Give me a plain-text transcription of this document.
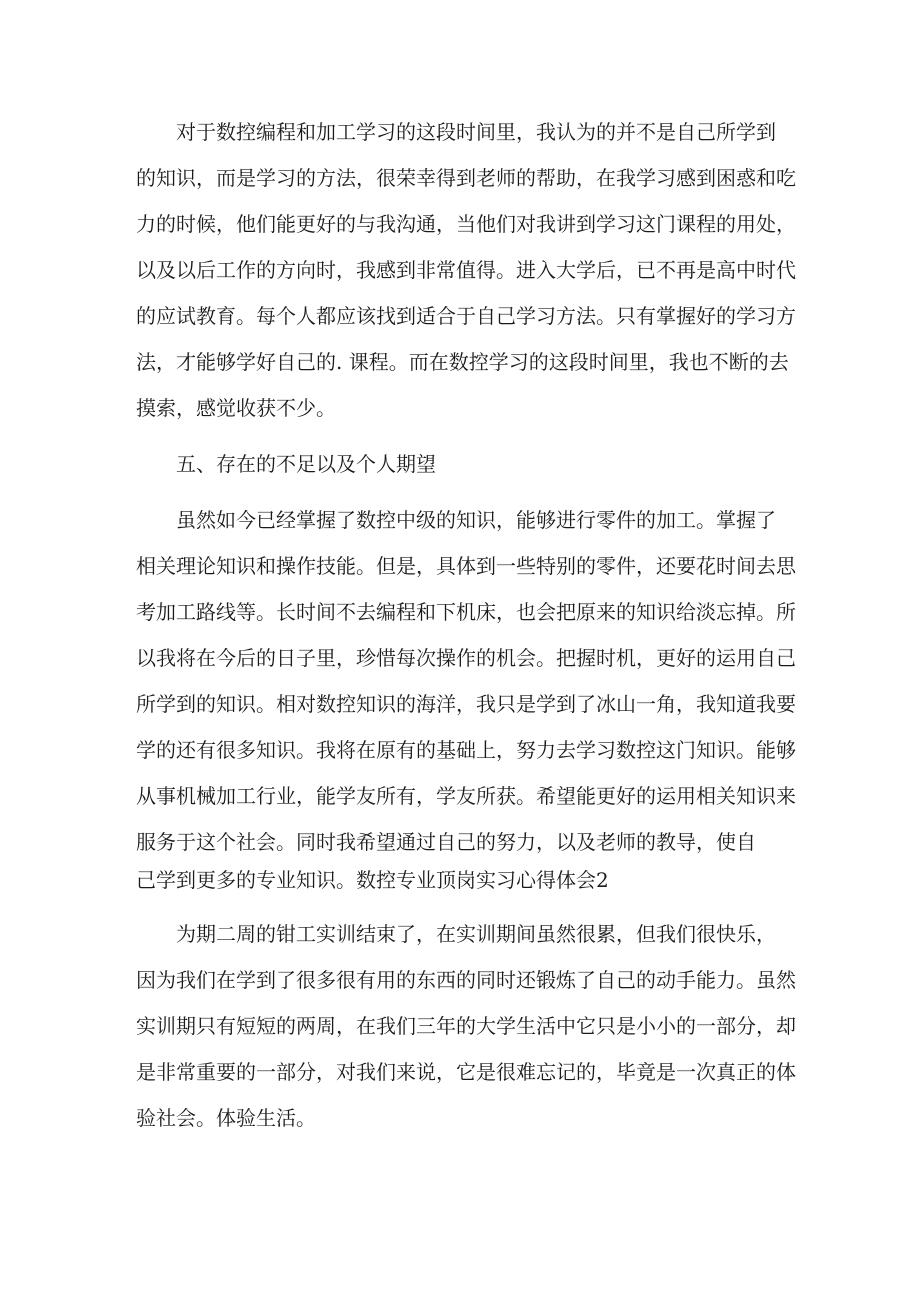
对于数控编程和加工学习的这段时间里，我认为的并不是自己所学到
的知识，而是学习的方法，很荣幸得到老师的帮助，在我学习感到困惑和吃
力的时候，他们能更好的与我沟通，当他们对我讲到学习这门课程的用处，
以及以后工作的方向时，我感到非常值得。进入大学后，已不再是高中时代
的应试教育。每个人都应该找到适合于自己学习方法。只有掌握好的学习方
法，才能够学好自己的. 课程。而在数控学习的这段时间里，我也不断的去
摸索，感觉收获不少。
五、存在的不足以及个人期望
虽然如今已经掌握了数控中级的知识，能够进行零件的加工。掌握了
相关理论知识和操作技能。但是，具体到一些特别的零件，还要花时间去思
考加工路线等。长时间不去编程和下机床，也会把原来的知识给淡忘掉。所
以我将在今后的日子里，珍惜每次操作的机会。把握时机，更好的运用自己
所学到的知识。相对数控知识的海洋，我只是学到了冰山一角，我知道我要
学的还有很多知识。我将在原有的基础上，努力去学习数控这门知识。能够
从事机械加工行业，能学友所有，学友所获。希望能更好的运用相关知识来
服务于这个社会。同时我希望通过自己的努力，以及老师的教导，使自
己学到更多的专业知识。数控专业顶岗实习心得体会2
为期二周的钳工实训结束了，在实训期间虽然很累，但我们很快乐，
因为我们在学到了很多很有用的东西的同时还锻炼了自己的动手能力。虽然
实训期只有短短的两周，在我们三年的大学生活中它只是小小的一部分，却
是非常重要的一部分，对我们来说，它是很难忘记的，毕竟是一次真正的体
验社会。体验生活。
